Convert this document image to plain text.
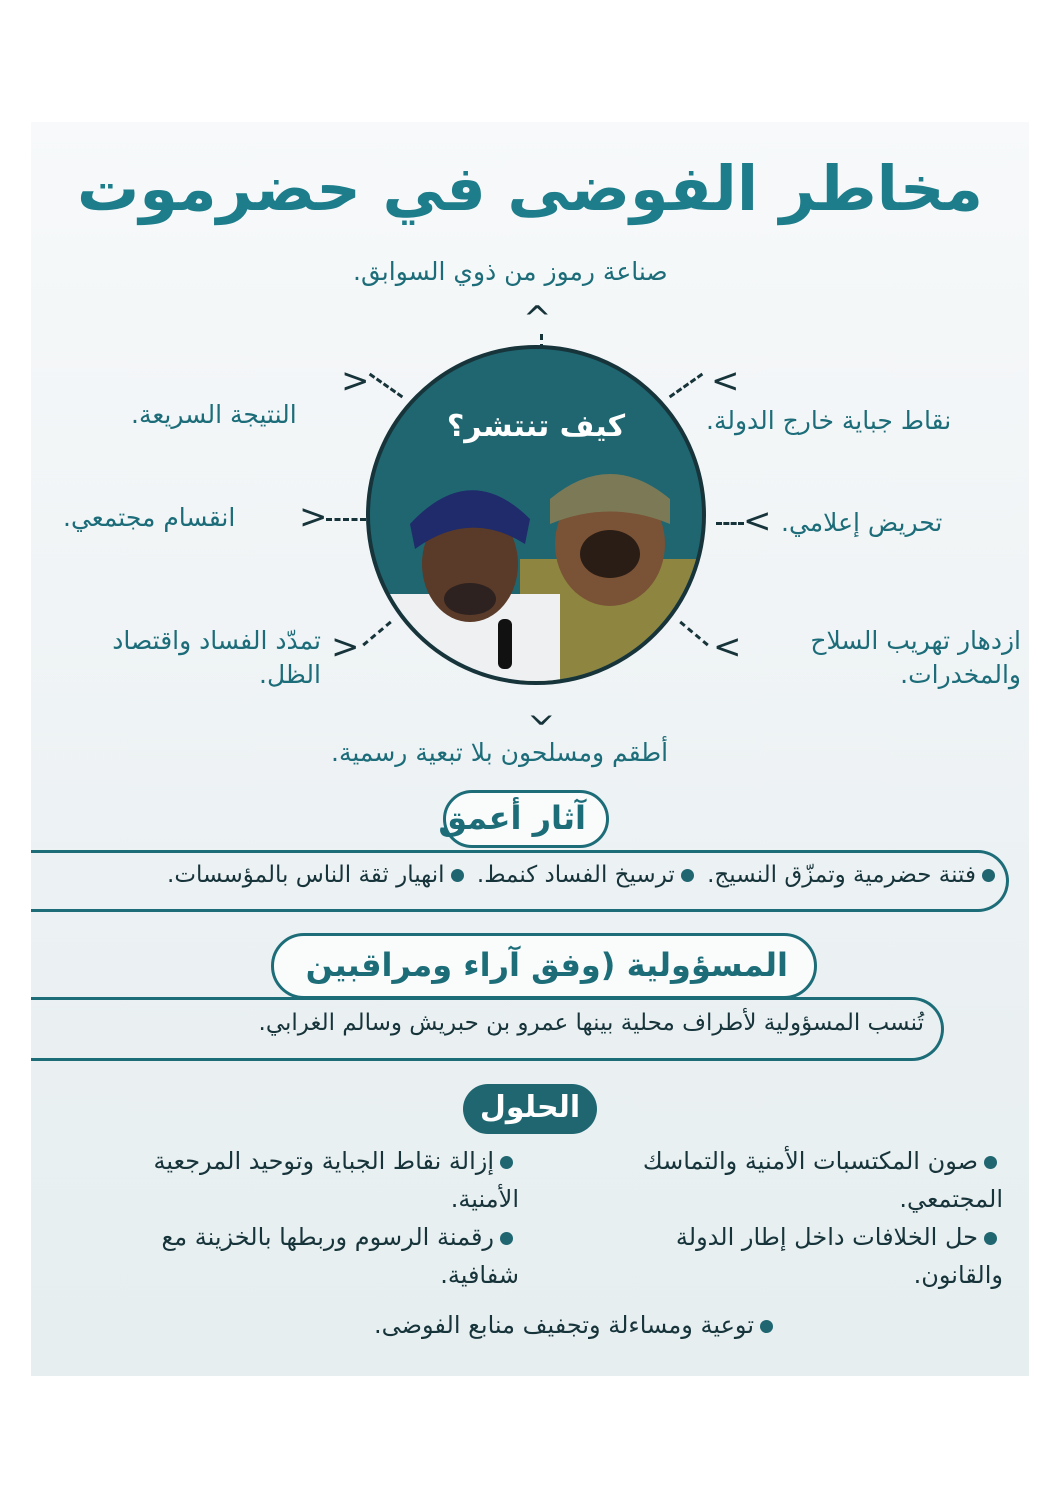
مخاطر الفوضى في حضرموت
صناعة رموز من ذوي السوابق.
النتيجة السريعة.	نقاط جباية خارج الدولة.
انقسام مجتمعي.	تحريض إعلامي.
تمدّد الفساد واقتصاد الظل.
ازدهار تهريب السلاح والمخدرات.
أطقم ومسلحون بلا تبعية رسمية.
^
<	>
<	>
<	>
^
كيف تنتشر؟
آثار أعمق
فتنة حضرمية وتمزّق النسيج. ترسيخ الفساد كنمط. انهيار ثقة الناس بالمؤسسات.
المسؤولية (وفق آراء ومراقبين
تُنسب المسؤولية لأطراف محلية بينها عمرو بن حبريش وسالم الغرابي.
الحلول
صون المكتسبات الأمنية والتماسك المجتمعي.
حل الخلافات داخل إطار الدولة والقانون.
إزالة نقاط الجباية وتوحيد المرجعية الأمنية.
رقمنة الرسوم وربطها بالخزينة مع شفافية.
توعية ومساءلة وتجفيف منابع الفوضى.
